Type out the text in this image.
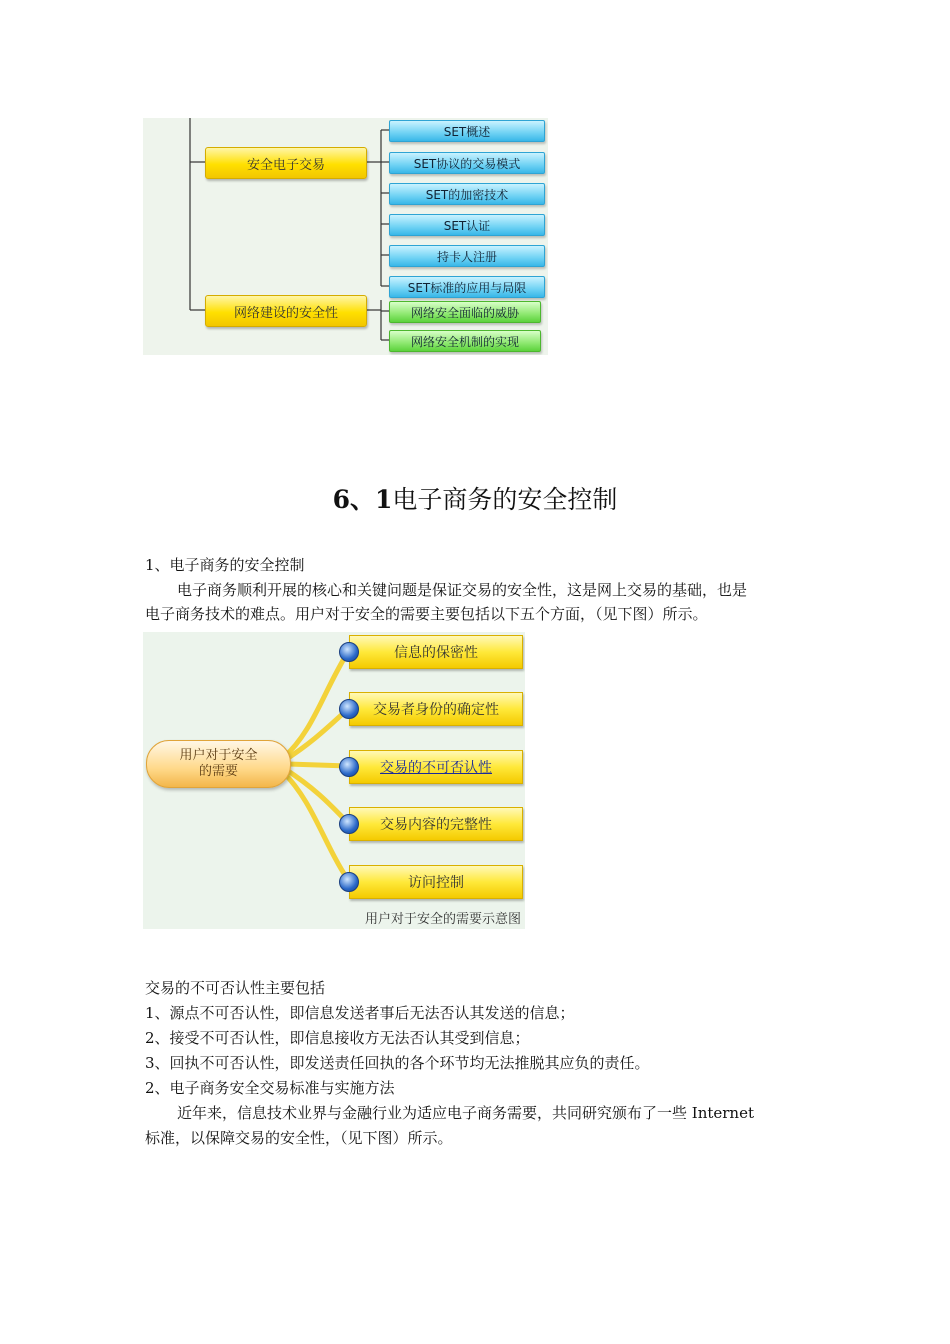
安全电子交易
网络建设的安全性
SET概述
SET协议的交易模式
SET的加密技术
SET认证
持卡人注册
SET标准的应用与局限
网络安全面临的威胁
网络安全机制的实现
6、1电子商务的安全控制
1、电子商务的安全控制
电子商务顺利开展的核心和关键问题是保证交易的安全性，这是网上交易的基础，也是
电子商务技术的难点。用户对于安全的需要主要包括以下五个方面，（见下图）所示。
用户对于安全
的需要
信息的保密性
交易者身份的确定性
交易的不可否认性
交易内容的完整性
访问控制
用户对于安全的需要示意图
交易的不可否认性主要包括
1、源点不可否认性，即信息发送者事后无法否认其发送的信息；
2、接受不可否认性，即信息接收方无法否认其受到信息；
3、回执不可否认性，即发送责任回执的各个环节均无法推脱其应负的责任。
2、电子商务安全交易标准与实施方法
近年来，信息技术业界与金融行业为适应电子商务需要，共同研究颁布了一些 Internet
标准，以保障交易的安全性，（见下图）所示。
